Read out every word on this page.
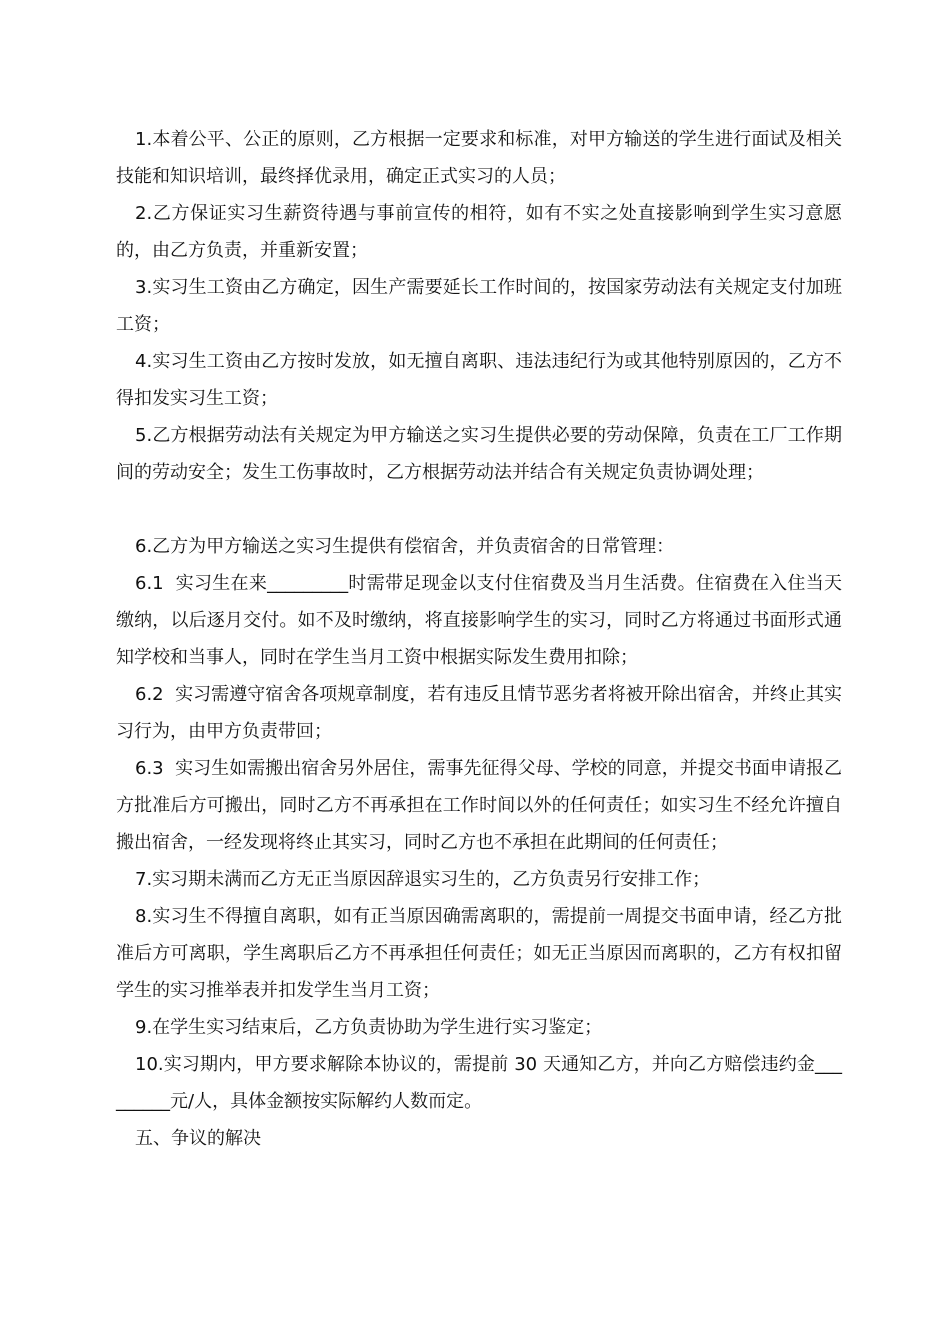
1.本着公平、公正的原则，乙方根据一定要求和标准，对甲方输送的学生进行面试及相关技能和知识培训，最终择优录用，确定正式实习的人员；

2.乙方保证实习生薪资待遇与事前宣传的相符，如有不实之处直接影响到学生实习意愿的，由乙方负责，并重新安置；

3.实习生工资由乙方确定，因生产需要延长工作时间的，按国家劳动法有关规定支付加班工资；

4.实习生工资由乙方按时发放，如无擅自离职、违法违纪行为或其他特别原因的，乙方不得扣发实习生工资；

5.乙方根据劳动法有关规定为甲方输送之实习生提供必要的劳动保障，负责在工厂工作期间的劳动安全；发生工伤事故时，乙方根据劳动法并结合有关规定负责协调处理；

6.乙方为甲方输送之实习生提供有偿宿舍，并负责宿舍的日常管理：

6.1  实习生在来_________时需带足现金以支付住宿费及当月生活费。住宿费在入住当天缴纳，以后逐月交付。如不及时缴纳，将直接影响学生的实习，同时乙方将通过书面形式通知学校和当事人，同时在学生当月工资中根据实际发生费用扣除；

6.2  实习需遵守宿舍各项规章制度，若有违反且情节恶劣者将被开除出宿舍，并终止其实习行为，由甲方负责带回；

6.3  实习生如需搬出宿舍另外居住，需事先征得父母、学校的同意，并提交书面申请报乙方批准后方可搬出，同时乙方不再承担在工作时间以外的任何责任；如实习生不经允许擅自搬出宿舍，一经发现将终止其实习，同时乙方也不承担在此期间的任何责任；

7.实习期未满而乙方无正当原因辞退实习生的，乙方负责另行安排工作；

8.实习生不得擅自离职，如有正当原因确需离职的，需提前一周提交书面申请，经乙方批准后方可离职，学生离职后乙方不再承担任何责任；如无正当原因而离职的，乙方有权扣留学生的实习推举表并扣发学生当月工资；

9.在学生实习结束后，乙方负责协助为学生进行实习鉴定；

10.实习期内，甲方要求解除本协议的，需提前 30 天通知乙方，并向乙方赔偿违约金_________元/人，具体金额按实际解约人数而定。

五、争议的解决
